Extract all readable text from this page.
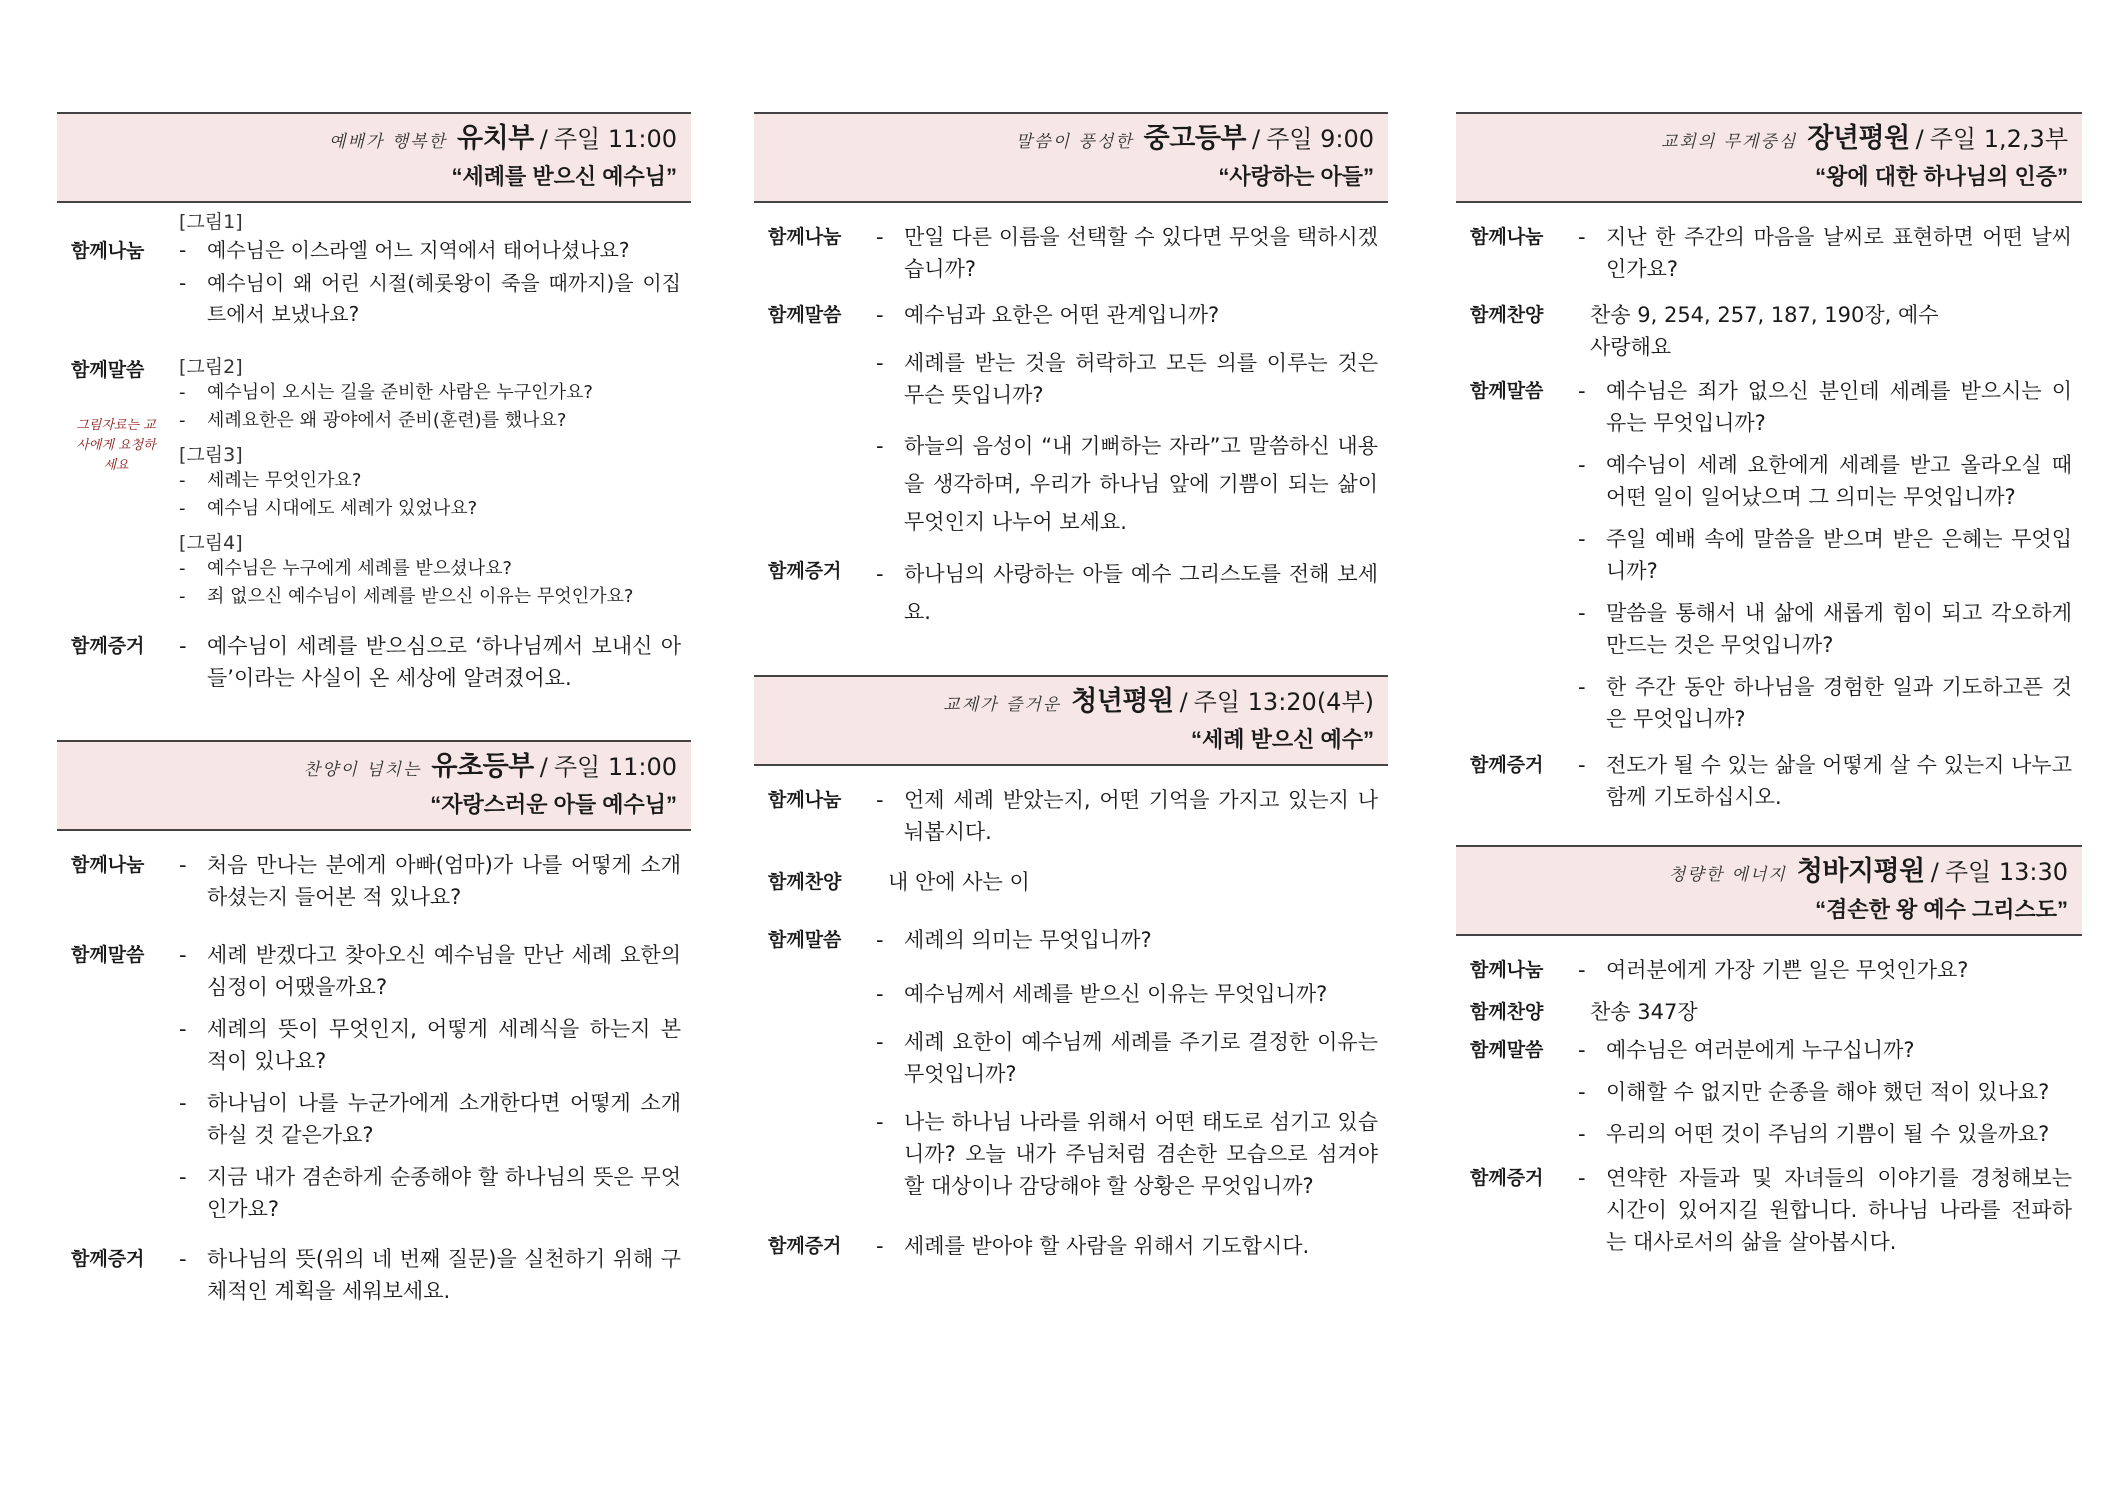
예배가 행복한 유치부 / 주일 11:00
“세례를 받으신 예수님”
함께나눔
[그림1]
-	예수님은 이스라엘 어느 지역에서 태어나셨나요?
-	예수님이 왜 어린 시절(헤롯왕이 죽을 때까지)을 이집트에서 보냈나요?
함께말씀
그림자료는 교사에게 요청하세요
[그림2]
-	예수님이 오시는 길을 준비한 사람은 누구인가요?
-	세례요한은 왜 광야에서 준비(훈련)를 했나요?
[그림3]
-	세례는 무엇인가요?
-	예수님 시대에도 세례가 있었나요?
[그림4]
-	예수님은 누구에게 세례를 받으셨나요?
-	죄 없으신 예수님이 세례를 받으신 이유는 무엇인가요?
함께증거	- 예수님이 세례를 받으심으로 ‘하나님께서 보내신 아들’이라는 사실이 온 세상에 알려졌어요.
찬양이 넘치는 유초등부 / 주일 11:00
“자랑스러운 아들 예수님”
함께나눔	- 처음 만나는 분에게 아빠(엄마)가 나를 어떻게 소개하셨는지 들어본 적 있나요?
함께말씀	- 세례 받겠다고 찾아오신 예수님을 만난 세례 요한의 심정이 어땠을까요?
- 세례의 뜻이 무엇인지, 어떻게 세례식을 하는지 본 적이 있나요?
- 하나님이 나를 누군가에게 소개한다면 어떻게 소개하실 것 같은가요?
- 지금 내가 겸손하게 순종해야 할 하나님의 뜻은 무엇인가요?
함께증거	- 하나님의 뜻(위의 네 번째 질문)을 실천하기 위해 구체적인 계획을 세워보세요.
말씀이 풍성한 중고등부 / 주일 9:00
“사랑하는 아들”
함께나눔	- 만일 다른 이름을 선택할 수 있다면 무엇을 택하시겠습니까?
함께말씀	- 예수님과 요한은 어떤 관계입니까?
- 세례를 받는 것을 허락하고 모든 의를 이루는 것은 무슨 뜻입니까?
- 하늘의 음성이 “내 기뻐하는 자라”고 말씀하신 내용을 생각하며, 우리가 하나님 앞에 기쁨이 되는 삶이 무엇인지 나누어 보세요.
함께증거	- 하나님의 사랑하는 아들 예수 그리스도를 전해 보세요.
교제가 즐거운 청년평원 / 주일 13:20(4부)
“세례 받으신 예수”
함께나눔	- 언제 세례 받았는지, 어떤 기억을 가지고 있는지 나눠봅시다.
함께찬양	내 안에 사는 이
함께말씀	- 세례의 의미는 무엇입니까?
- 예수님께서 세례를 받으신 이유는 무엇입니까?
- 세례 요한이 예수님께 세례를 주기로 결정한 이유는 무엇입니까?
- 나는 하나님 나라를 위해서 어떤 태도로 섬기고 있습니까? 오늘 내가 주님처럼 겸손한 모습으로 섬겨야 할 대상이나 감당해야 할 상황은 무엇입니까?
함께증거	- 세례를 받아야 할 사람을 위해서 기도합시다.
교회의 무게중심 장년평원 / 주일 1,2,3부
“왕에 대한 하나님의 인증”
함께나눔	- 지난 한 주간의 마음을 날씨로 표현하면 어떤 날씨인가요?
함께찬양	찬송 9, 254, 257, 187, 190장, 예수 사랑해요
함께말씀	- 예수님은 죄가 없으신 분인데 세례를 받으시는 이유는 무엇입니까?
- 예수님이 세례 요한에게 세례를 받고 올라오실 때 어떤 일이 일어났으며 그 의미는 무엇입니까?
- 주일 예배 속에 말씀을 받으며 받은 은혜는 무엇입니까?
- 말씀을 통해서 내 삶에 새롭게 힘이 되고 각오하게 만드는 것은 무엇입니까?
- 한 주간 동안 하나님을 경험한 일과 기도하고픈 것은 무엇입니까?
함께증거	- 전도가 될 수 있는 삶을 어떻게 살 수 있는지 나누고 함께 기도하십시오.
청량한 에너지 청바지평원 / 주일 13:30
“겸손한 왕 예수 그리스도”
함께나눔	- 여러분에게 가장 기쁜 일은 무엇인가요?
함께찬양	찬송 347장
함께말씀	- 예수님은 여러분에게 누구십니까?
- 이해할 수 없지만 순종을 해야 했던 적이 있나요?
- 우리의 어떤 것이 주님의 기쁨이 될 수 있을까요?
함께증거	- 연약한 자들과 및 자녀들의 이야기를 경청해보는 시간이 있어지길 원합니다. 하나님 나라를 전파하는 대사로서의 삶을 살아봅시다.
